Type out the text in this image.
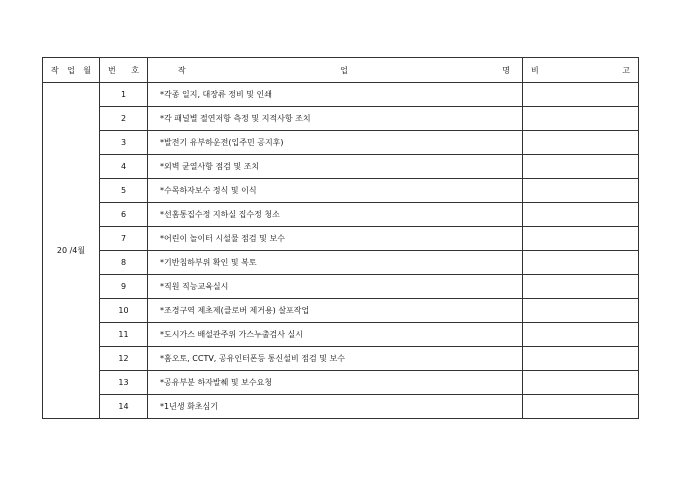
작 업 월	번 호	작 업 명	비 고

20 /4월	1	*각종 일지, 대장류 정비 및 인쇄	
	2	*각 패널별 절연저항 측정 및 지적사항 조치	
	3	*발전기 유부하운전(입주민 공지후)	
	4	*외벽 균열사항 점검 및 조치	
	5	*수목하자보수 정식 및 이식	
	6	*선홈통집수정 지하실 집수정 청소	
	7	*어린이 놀이터 시설물 점검 및 보수	
	8	*기반침하부위 확인 및 복토	
	9	*직원 직능교육실시	
	10	*조경구역 제초제(클로버 제거용) 살포작업	
	11	*도시가스 배설관주위 가스누출검사 실시	
	12	*홈오토, CCTV, 공유인터폰등 통신설비 점검 및 보수	
	13	*공유부분 하자발췌 및 보수요청	
	14	*1년생 화초심기	
